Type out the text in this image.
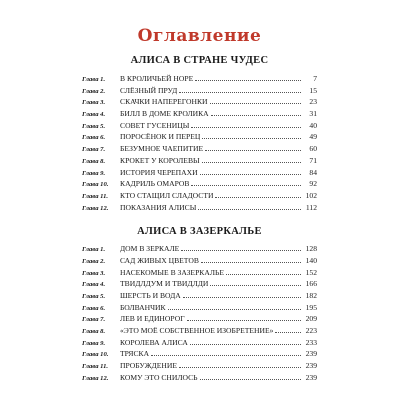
Оглавление
АЛИСА В СТРАНЕ ЧУДЕС
Глава 1.	В КРОЛИЧЬЕЙ НОРЕ	7
Глава 2.	СЛЁЗНЫЙ ПРУД	15
Глава 3.	СКАЧКИ НАПЕРЕГОНКИ	23
Глава 4.	БИЛЛ В ДОМЕ КРОЛИКА	31
Глава 5.	СОВЕТ ГУСЕНИЦЫ	40
Глава 6.	ПОРОСЁНОК И ПЕРЕЦ	49
Глава 7.	БЕЗУМНОЕ ЧАЕПИТИЕ	60
Глава 8.	КРОКЕТ У КОРОЛЕВЫ	71
Глава 9.	ИСТОРИЯ ЧЕРЕПАХИ	84
Глава 10.	КАДРИЛЬ ОМАРОВ	92
Глава 11.	КТО СТАЩИЛ СЛАДОСТИ	102
Глава 12.	ПОКАЗАНИЯ АЛИСЫ	112
АЛИСА В ЗАЗЕРКАЛЬЕ
Глава 1.	ДОМ В ЗЕРКАЛЕ	128
Глава 2.	САД ЖИВЫХ ЦВЕТОВ	140
Глава 3.	НАСЕКОМЫЕ В ЗАЗЕРКАЛЬЕ	152
Глава 4.	ТВИДЛДУМ И ТВИДЛДИ	166
Глава 5.	ШЕРСТЬ И ВОДА	182
Глава 6.	БОЛВАНЧИК	195
Глава 7.	ЛЕВ И ЕДИНОРОГ	209
Глава 8.	«ЭТО МОЁ СОБСТВЕННОЕ ИЗОБРЕТЕНИЕ»	223
Глава 9.	КОРОЛЕВА АЛИСА	233
Глава 10.	ТРЯСКА	239
Глава 11.	ПРОБУЖДЕНИЕ	239
Глава 12.	КОМУ ЭТО СНИЛОСЬ	239
